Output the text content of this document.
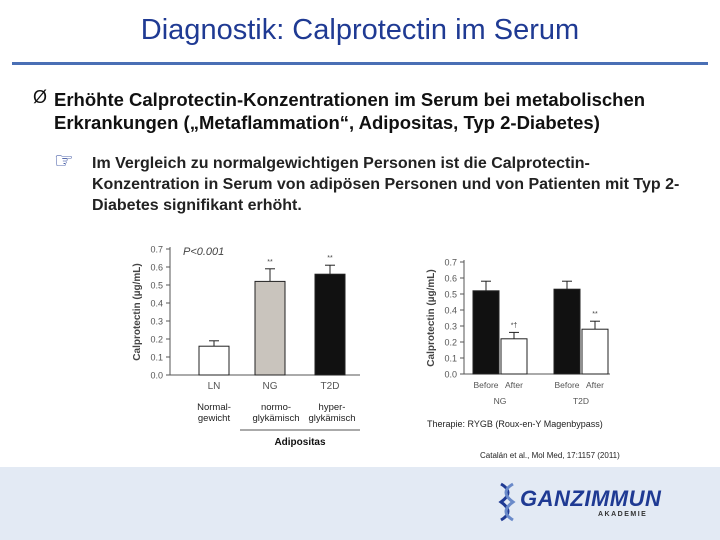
Diagnostik: Calprotectin im Serum
Ø Erhöhte Calprotectin-Konzentrationen im Serum bei metabolischen Erkrankungen („Metaflammation“, Adipositas, Typ 2-Diabetes)
☞ Im Vergleich zu normalgewichtigen Personen ist die Calprotectin-Konzentration in Serum von adipösen Personen und von Patienten mit Typ 2-Diabetes signifikant erhöht.
0.0
0.1
0.2
0.3
0.4
0.5
0.6
0.7
Calprotectin (µg/mL)
LN
**
NG
**
T2D
P<0.001
Normal-
gewicht
normo-
glykämisch
hyper-
glykämisch
Adipositas
0.0
0.1
0.2
0.3
0.4
0.5
0.6
0.7
Calprotectin (µg/mL)
Before
*†
After	Before
**
After
NG	T2D
Therapie: RYGB (Roux-en-Y Magenbypass)
Catalán et al., Mol Med, 17:1157 (2011)
GANZIMMUN
AKADEMIE
